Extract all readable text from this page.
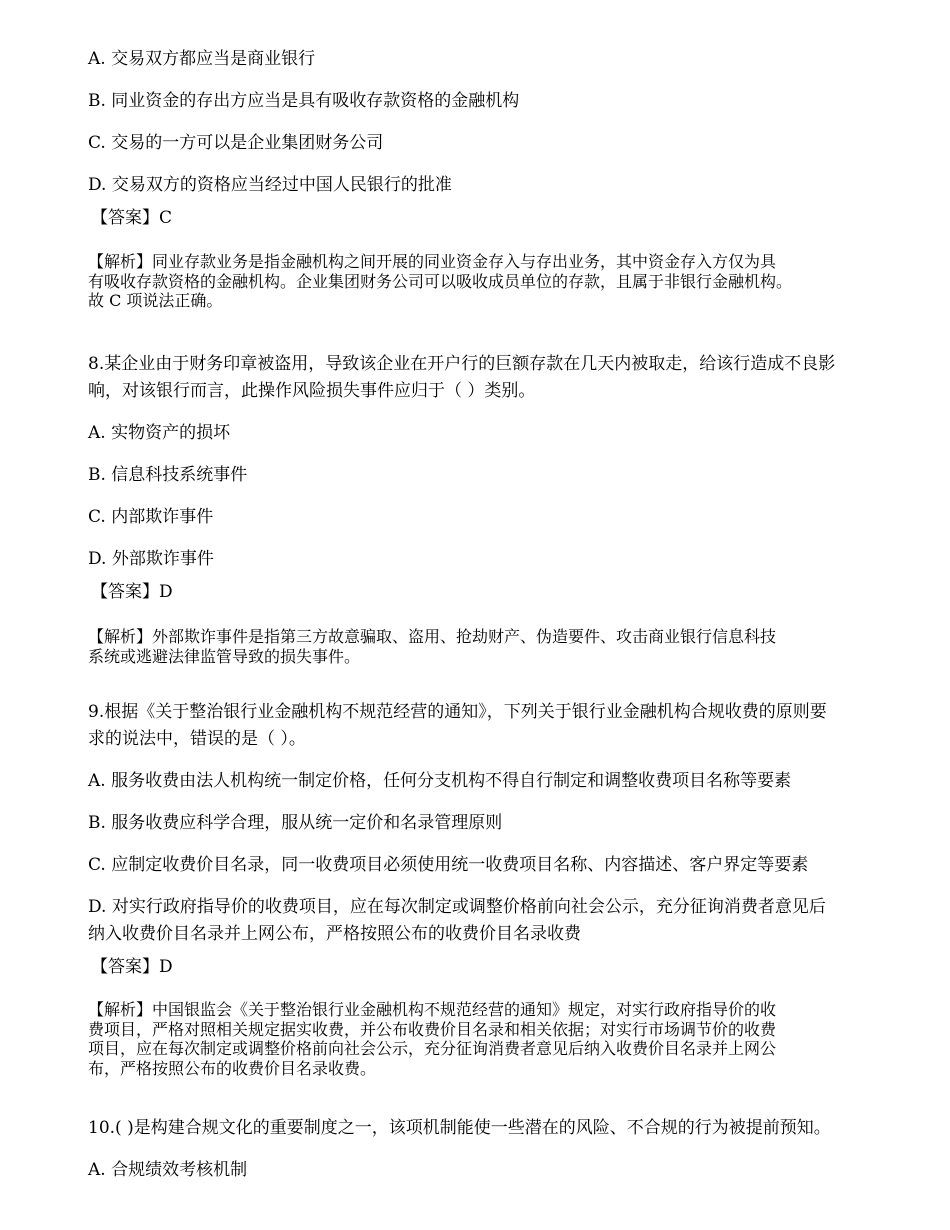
A. 交易双方都应当是商业银行

B. 同业资金的存出方应当是具有吸收存款资格的金融机构

C. 交易的一方可以是企业集团财务公司

D. 交易双方的资格应当经过中国人民银行的批准

【答案】C

【解析】同业存款业务是指金融机构之间开展的同业资金存入与存出业务，其中资金存入方仅为具
有吸收存款资格的金融机构。企业集团财务公司可以吸收成员单位的存款，且属于非银行金融机构。
故 C 项说法正确。

8.某企业由于财务印章被盗用，导致该企业在开户行的巨额存款在几天内被取走，给该行造成不良影

响，对该银行而言，此操作风险损失事件应归于（ ）类别。

A. 实物资产的损坏

B. 信息科技系统事件

C. 内部欺诈事件

D. 外部欺诈事件

【答案】D

【解析】外部欺诈事件是指第三方故意骗取、盗用、抢劫财产、伪造要件、攻击商业银行信息科技
系统或逃避法律监管导致的损失事件。

9.根据《关于整治银行业金融机构不规范经营的通知》，下列关于银行业金融机构合规收费的原则要

求的说法中，错误的是（ ）。

A. 服务收费由法人机构统一制定价格，任何分支机构不得自行制定和调整收费项目名称等要素

B. 服务收费应科学合理，服从统一定价和名录管理原则

C. 应制定收费价目名录，同一收费项目必须使用统一收费项目名称、内容描述、客户界定等要素

D. 对实行政府指导价的收费项目，应在每次制定或调整价格前向社会公示，充分征询消费者意见后

纳入收费价目名录并上网公布，严格按照公布的收费价目名录收费

【答案】D

【解析】中国银监会《关于整治银行业金融机构不规范经营的通知》规定，对实行政府指导价的收
费项目，严格对照相关规定据实收费，并公布收费价目名录和相关依据；对实行市场调节价的收费
项目，应在每次制定或调整价格前向社会公示，充分征询消费者意见后纳入收费价目名录并上网公
布，严格按照公布的收费价目名录收费。

10.( )是构建合规文化的重要制度之一，该项机制能使一些潜在的风险、不合规的行为被提前预知。

A. 合规绩效考核机制
